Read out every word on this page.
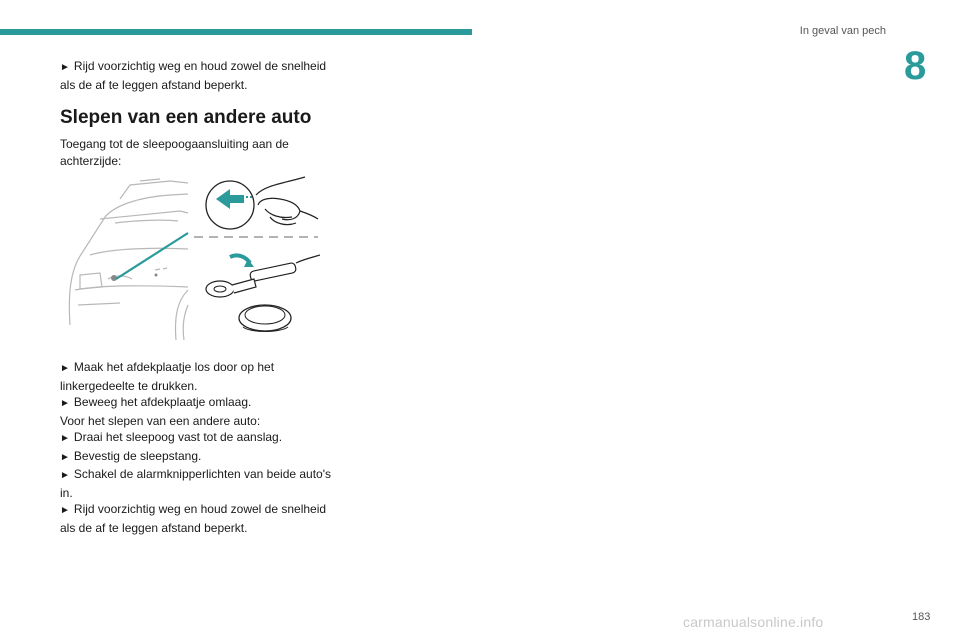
In geval van pech
8

► Rijd voorzichtig weg en houd zowel de snelheid als de af te leggen afstand beperkt.

Slepen van een andere auto

Toegang tot de sleepoogaansluiting aan de achterzijde:

► Maak het afdekplaatje los door op het linkergedeelte te drukken.

► Beweeg het afdekplaatje omlaag.

Voor het slepen van een andere auto:

► Draai het sleepoog vast tot de aanslag.

► Bevestig de sleepstang.

► Schakel de alarmknipperlichten van beide auto's in.

► Rijd voorzichtig weg en houd zowel de snelheid als de af te leggen afstand beperkt.

carmanualsonline.info	183
